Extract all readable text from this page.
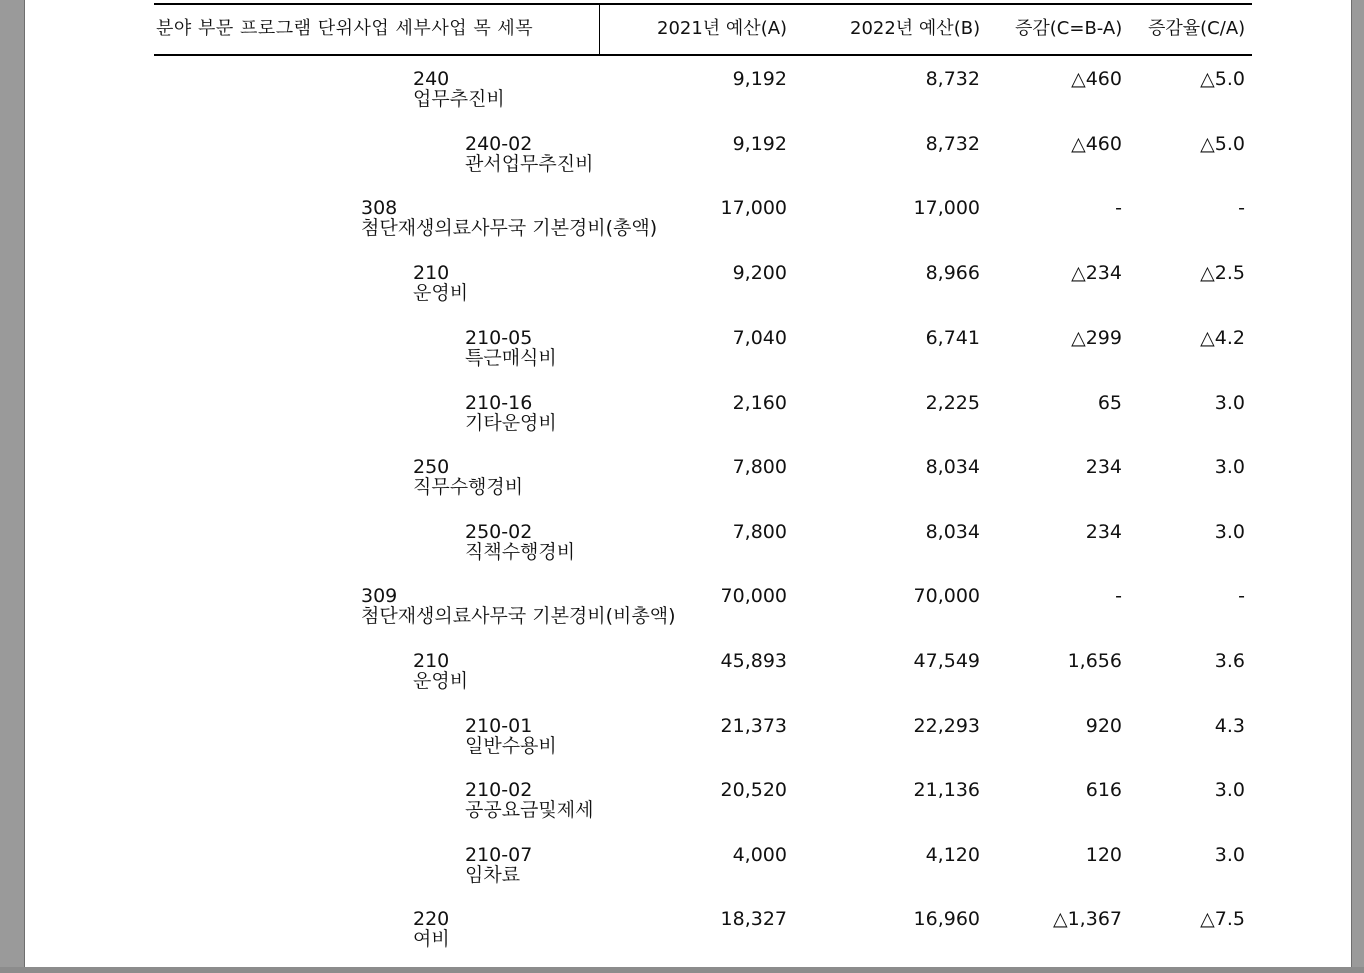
분야 부문 프로그램 단위사업 세부사업 목 세목	2021년 예산(A)	2022년 예산(B) 증감(C=B-A) 증감율(C/A)
240
업무추진비
9,192	8,732	△460	△5.0
240-02
관서업무추진비
9,192	8,732	△460	△5.0
308
첨단재생의료사무국 기본경비(총액)
17,000	17,000	-	-
210
운영비
9,200	8,966	△234	△2.5
210-05
특근매식비
7,040	6,741	△299	△4.2
210-16
기타운영비
2,160	2,225	65	3.0
250
직무수행경비
7,800	8,034	234	3.0
250-02
직책수행경비
7,800	8,034	234	3.0
309
첨단재생의료사무국 기본경비(비총액)
70,000	70,000	-	-
210
운영비
45,893	47,549	1,656	3.6
210-01
일반수용비
21,373	22,293	920	4.3
210-02
공공요금및제세
20,520	21,136	616	3.0
210-07
임차료
4,000	4,120	120	3.0
220
여비
18,327	16,960	△1,367	△7.5
